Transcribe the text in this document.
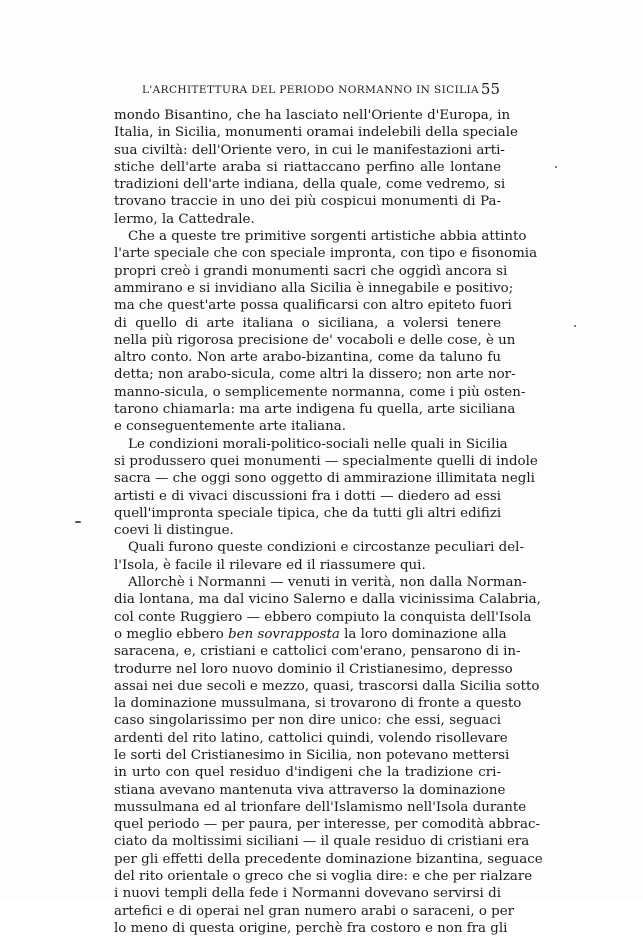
L'ARCHITETTURA DEL PERIODO NORMANNO IN SICILIA 55
mondo Bisantino, che ha lasciato nell'Oriente d'Europa, in
Italia, in Sicilia, monumenti oramai indelebili della speciale
sua civiltà: dell'Oriente vero, in cui le manifestazioni arti-
stiche dell'arte araba si riattaccano perfino alle lontane
tradizioni dell'arte indiana, della quale, come vedremo, si
trovano traccie in uno dei più cospicui monumenti di Pa-
lermo, la Cattedrale.
Che a queste tre primitive sorgenti artistiche abbia attinto
l'arte speciale che con speciale impronta, con tipo e fisonomia
propri creò i grandi monumenti sacri che oggidì ancora si
ammirano e si invidiano alla Sicilia è innegabile e positivo;
ma che quest'arte possa qualificarsi con altro epiteto fuori
di quello di arte italiana o siciliana, a volersi tenere
nella più rigorosa precisione de' vocaboli e delle cose, è un
altro conto. Non arte arabo-bizantina, come da taluno fu
detta; non arabo-sicula, come altri la dissero; non arte nor-
manno-sicula, o semplicemente normanna, come i più osten-
tarono chiamarla: ma arte indigena fu quella, arte siciliana
e conseguentemente arte italiana.
Le condizioni morali-politico-sociali nelle quali in Sicilia
si produssero quei monumenti — specialmente quelli di indole
sacra — che oggi sono oggetto di ammirazione illimitata negli
artisti e di vivaci discussioni fra i dotti — diedero ad essi
quell'impronta speciale tipica, che da tutti gli altri edifizi
coevi li distingue.
Quali furono queste condizioni e circostanze peculiari del-
l'Isola, è facile il rilevare ed il riassumere qui.
Allorchè i Normanni — venuti in verità, non dalla Norman-
dia lontana, ma dal vicino Salerno e dalla vicinissima Calabria,
col conte Ruggiero — ebbero compiuto la conquista dell'Isola
o meglio ebbero ben sovrapposta la loro dominazione alla
saracena, e, cristiani e cattolici com'erano, pensarono di in-
trodurre nel loro nuovo dominio il Cristianesimo, depresso
assai nei due secoli e mezzo, quasi, trascorsi dalla Sicilia sotto
la dominazione mussulmana, si trovarono di fronte a questo
caso singolarissimo per non dire unico: che essi, seguaci
ardenti del rito latino, cattolici quindi, volendo risollevare
le sorti del Cristianesimo in Sicilia, non potevano mettersi
in urto con quel residuo d'indigeni che la tradizione cri-
stiana avevano mantenuta viva attraverso la dominazione
mussulmana ed al trionfare dell'Islamismo nell'Isola durante
quel periodo — per paura, per interesse, per comodità abbrac-
ciato da moltissimi siciliani — il quale residuo di cristiani era
per gli effetti della precedente dominazione bizantina, seguace
del rito orientale o greco che si voglia dire: e che per rialzare
i nuovi templi della fede i Normanni dovevano servirsi di
artefici e di operai nel gran numero arabi o saraceni, o per
lo meno di questa origine, perchè fra costoro e non fra gli
